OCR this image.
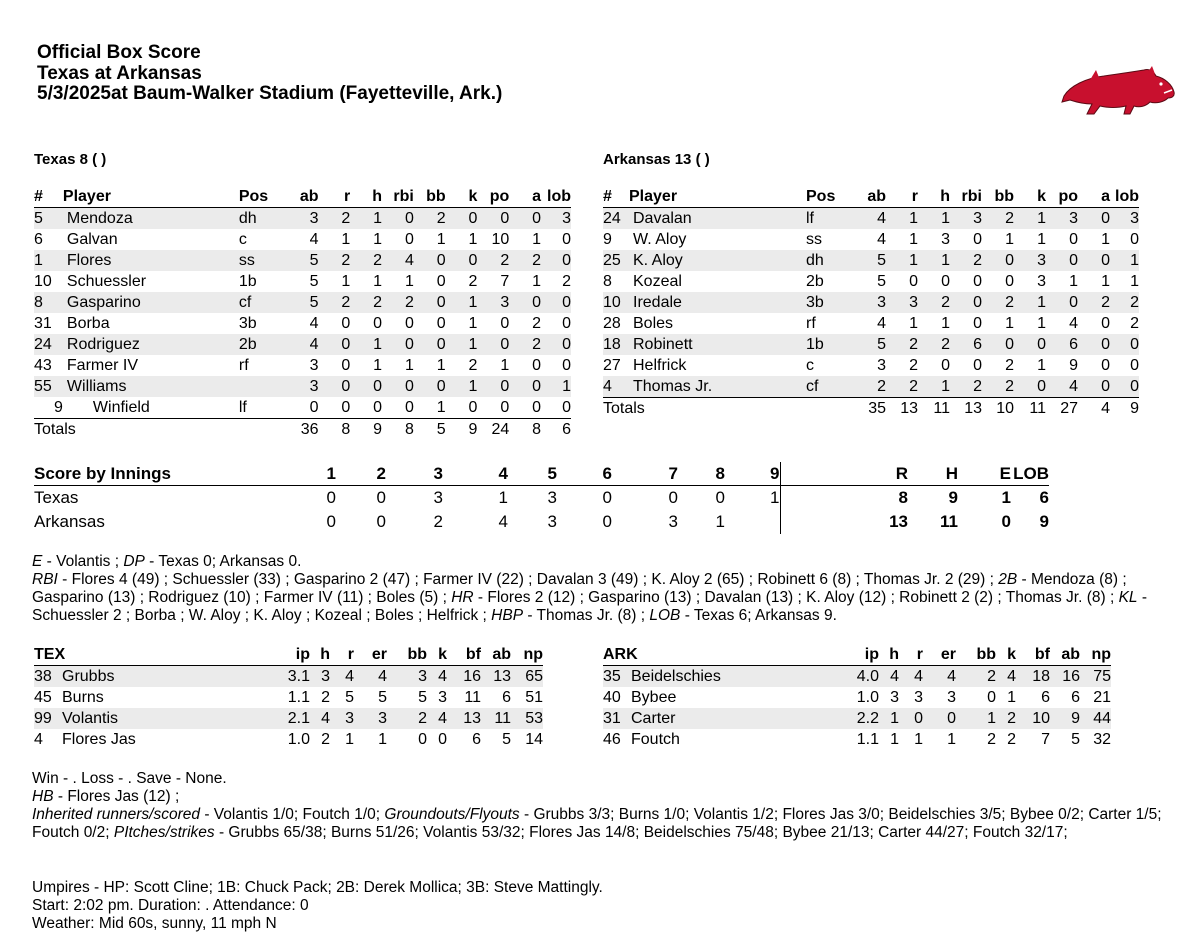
Official Box Score
Texas at Arkansas
5/3/2025at Baum-Walker Stadium (Fayetteville, Ark.)
Texas 8 ( )
#	Player	Pos	ab	r	h	rbi	bb	k	po	a	lob
5	Mendoza	dh	3	2	1	0	2	0	0	0	3
6	Galvan	c	4	1	1	0	1	1	10	1	0
1	Flores	ss	5	2	2	4	0	0	2	2	0
10	Schuessler	1b	5	1	1	1	0	2	7	1	2
8	Gasparino	cf	5	2	2	2	0	1	3	0	0
31	Borba	3b	4	0	0	0	0	1	0	2	0
24	Rodriguez	2b	4	0	1	0	0	1	0	2	0
43	Farmer IV	rf	3	0	1	1	1	2	1	0	0
55	Williams		3	0	0	0	0	1	0	0	1
9	Winfield	lf	0	0	0	0	1	0	0	0	0
Totals			36	8	9	8	5	9	24	8	6
Arkansas 13 ( )
#	Player	Pos	ab	r	h	rbi	bb	k	po	a	lob
24	Davalan	lf	4	1	1	3	2	1	3	0	3
9	W. Aloy	ss	4	1	3	0	1	1	0	1	0
25	K. Aloy	dh	5	1	1	2	0	3	0	0	1
8	Kozeal	2b	5	0	0	0	0	3	1	1	1
10	Iredale	3b	3	3	2	0	2	1	0	2	2
28	Boles	rf	4	1	1	0	1	1	4	0	2
18	Robinett	1b	5	2	2	6	0	0	6	0	0
27	Helfrick	c	3	2	0	0	2	1	9	0	0
4	Thomas Jr.	cf	2	2	1	2	2	0	4	0	0
Totals			35	13	11	13	10	11	27	4	9
Score by Innings	1	2	3	4	5	6	7	8	9		R	H	E	LOB
Texas	0	0	3	1	3	0	0	0	1		8	9	1	6
Arkansas	0	0	2	4	3	0	3	1			13	11	0	9

E - Volantis ; DP - Texas 0; Arkansas 0.

RBI - Flores 4 (49) ; Schuessler (33) ; Gasparino 2 (47) ; Farmer IV (22) ; Davalan 3 (49) ; K. Aloy 2 (65) ; Robinett 6 (8) ; Thomas Jr. 2 (29) ; 2B - Mendoza (8) ; Gasparino (13) ; Rodriguez (10) ; Farmer IV (11) ; Boles (5) ; HR - Flores 2 (12) ; Gasparino (13) ; Davalan (13) ; K. Aloy (12) ; Robinett 2 (2) ; Thomas Jr. (8) ; KL - Schuessler 2 ; Borba ; W. Aloy ; K. Aloy ; Kozeal ; Boles ; Helfrick ; HBP - Thomas Jr. (8) ; LOB - Texas 6; Arkansas 9.

TEX		ip	h	r	er	bb	k	bf	ab	np
38	Grubbs	3.1	3	4	4	3	4	16	13	65
45	Burns	1.1	2	5	5	5	3	11	6	51
99	Volantis	2.1	4	3	3	2	4	13	11	53
4	Flores Jas	1.0	2	1	1	0	0	6	5	14
ARK		ip	h	r	er	bb	k	bf	ab	np
35	Beidelschies	4.0	4	4	4	2	4	18	16	75
40	Bybee	1.0	3	3	3	0	1	6	6	21
31	Carter	2.2	1	0	0	1	2	10	9	44
46	Foutch	1.1	1	1	1	2	2	7	5	32

Win - . Loss - . Save - None.

HB - Flores Jas (12) ;

Inherited runners/scored - Volantis 1/0; Foutch 1/0; Groundouts/Flyouts - Grubbs 3/3; Burns 1/0; Volantis 1/2; Flores Jas 3/0; Beidelschies 3/5; Bybee 0/2; Carter 1/5; Foutch 0/2; PItches/strikes - Grubbs 65/38; Burns 51/26; Volantis 53/32; Flores Jas 14/8; Beidelschies 75/48; Bybee 21/13; Carter 44/27; Foutch 32/17;

Umpires - HP: Scott Cline; 1B: Chuck Pack; 2B: Derek Mollica; 3B: Steve Mattingly.

Start: 2:02 pm. Duration: . Attendance: 0

Weather: Mid 60s, sunny, 11 mph N
